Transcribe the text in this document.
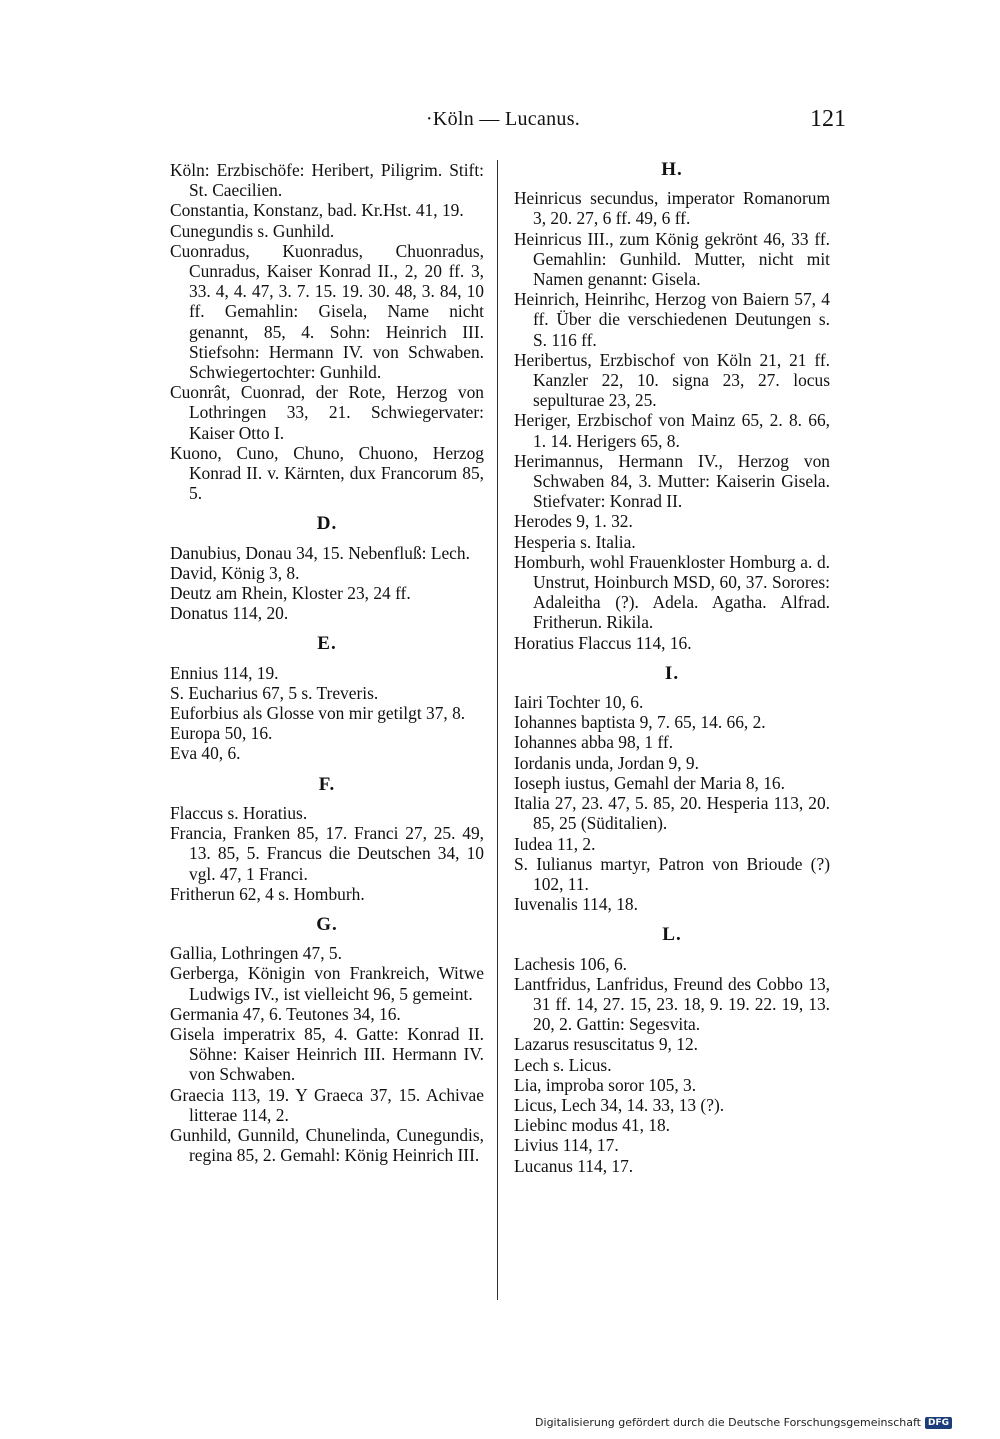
·Köln — Lucanus.	121

Köln: Erzbischöfe: Heribert, Piligrim. Stift: St. Caecilien.

Constantia, Konstanz, bad. Kr.Hst. 41, 19.

Cunegundis s. Gunhild.

Cuonradus, Kuonradus, Chuonradus, Cunradus, Kaiser Konrad II., 2, 20 ff. 3, 33. 4, 4. 47, 3. 7. 15. 19. 30. 48, 3. 84, 10 ff. Gemahlin: Gisela, Name nicht genannt, 85, 4. Sohn: Heinrich III. Stiefsohn: Hermann IV. von Schwaben. Schwiegertochter: Gunhild.

Cuonrât, Cuonrad, der Rote, Herzog von Lothringen 33, 21. Schwiegervater: Kaiser Otto I.

Kuono, Cuno, Chuno, Chuono, Herzog Konrad II. v. Kärnten, dux Francorum 85, 5.

D.

Danubius, Donau 34, 15. Nebenfluß: Lech.

David, König 3, 8.

Deutz am Rhein, Kloster 23, 24 ff.

Donatus 114, 20.

E.

Ennius 114, 19.

S. Eucharius 67, 5 s. Treveris.

Euforbius als Glosse von mir getilgt 37, 8.

Europa 50, 16.

Eva 40, 6.

F.

Flaccus s. Horatius.

Francia, Franken 85, 17. Franci 27, 25. 49, 13. 85, 5. Francus die Deutschen 34, 10 vgl. 47, 1 Franci.

Fritherun 62, 4 s. Homburh.

G.

Gallia, Lothringen 47, 5.

Gerberga, Königin von Frankreich, Witwe Ludwigs IV., ist vielleicht 96, 5 gemeint.

Germania 47, 6. Teutones 34, 16.

Gisela imperatrix 85, 4. Gatte: Konrad II. Söhne: Kaiser Heinrich III. Hermann IV. von Schwaben.

Graecia 113, 19. Y Graeca 37, 15. Achivae litterae 114, 2.

Gunhild, Gunnild, Chunelinda, Cunegundis, regina 85, 2. Gemahl: König Heinrich III.

H.

Heinricus secundus, imperator Romanorum 3, 20. 27, 6 ff. 49, 6 ff.

Heinricus III., zum König gekrönt 46, 33 ff. Gemahlin: Gunhild. Mutter, nicht mit Namen genannt: Gisela.

Heinrich, Heinrihc, Herzog von Baiern 57, 4 ff. Über die verschiedenen Deutungen s. S. 116 ff.

Heribertus, Erzbischof von Köln 21, 21 ff. Kanzler 22, 10. signa 23, 27. locus sepulturae 23, 25.

Heriger, Erzbischof von Mainz 65, 2. 8. 66, 1. 14. Herigers 65, 8.

Herimannus, Hermann IV., Herzog von Schwaben 84, 3. Mutter: Kaiserin Gisela. Stiefvater: Konrad II.

Herodes 9, 1. 32.

Hesperia s. Italia.

Homburh, wohl Frauenkloster Homburg a. d. Unstrut, Hoinburch MSD, 60, 37. Sorores: Adaleitha (?). Adela. Agatha. Alfrad. Fritherun. Rikila.

Horatius Flaccus 114, 16.

I.

Iairi Tochter 10, 6.

Iohannes baptista 9, 7. 65, 14. 66, 2.

Iohannes abba 98, 1 ff.

Iordanis unda, Jordan 9, 9.

Ioseph iustus, Gemahl der Maria 8, 16.

Italia 27, 23. 47, 5. 85, 20. Hesperia 113, 20. 85, 25 (Süditalien).

Iudea 11, 2.

S. Iulianus martyr, Patron von Brioude (?) 102, 11.

Iuvenalis 114, 18.

L.

Lachesis 106, 6.

Lantfridus, Lanfridus, Freund des Cobbo 13, 31 ff. 14, 27. 15, 23. 18, 9. 19. 22. 19, 13. 20, 2. Gattin: Segesvita.

Lazarus resuscitatus 9, 12.

Lech s. Licus.

Lia, improba soror 105, 3.

Licus, Lech 34, 14. 33, 13 (?).

Liebinc modus 41, 18.

Livius 114, 17.

Lucanus 114, 17.

Digitalisierung gefördert durch die Deutsche Forschungsgemeinschaft DFG
